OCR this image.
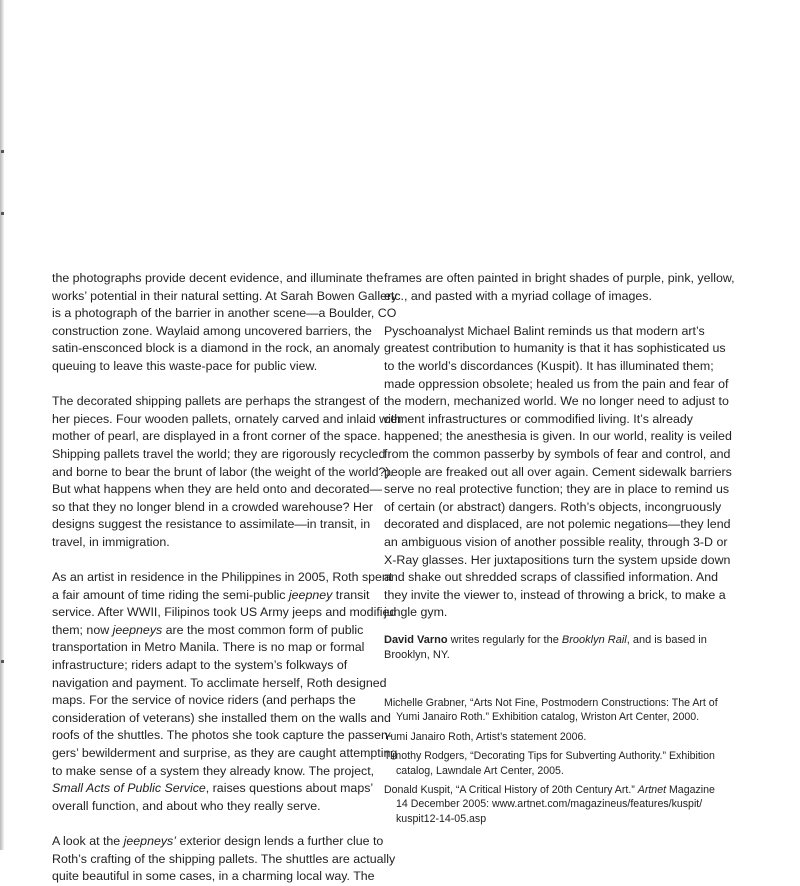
the photographs provide decent evidence, and illuminate the
works’ potential in their natural setting. At Sarah Bowen Gallery
is a photograph of the barrier in another scene—a Boulder, CO
construction zone. Waylaid among uncovered barriers, the
satin-ensconced block is a diamond in the rock, an anomaly
queuing to leave this waste-pace for public view.

The decorated shipping pallets are perhaps the strangest of
her pieces. Four wooden pallets, ornately carved and inlaid with
mother of pearl, are displayed in a front corner of the space.
Shipping pallets travel the world; they are rigorously recycled
and borne to bear the brunt of labor (the weight of the world?).
But what happens when they are held onto and decorated—
so that they no longer blend in a crowded warehouse? Her
designs suggest the resistance to assimilate—in transit, in
travel, in immigration.

As an artist in residence in the Philippines in 2005, Roth spent
a fair amount of time riding the semi-public jeepney transit
service. After WWII, Filipinos took US Army jeeps and modified
them; now jeepneys are the most common form of public
transportation in Metro Manila. There is no map or formal
infrastructure; riders adapt to the system’s folkways of
navigation and payment. To acclimate herself, Roth designed
maps. For the service of novice riders (and perhaps the
consideration of veterans) she installed them on the walls and
roofs of the shuttles. The photos she took capture the passen-
gers’ bewilderment and surprise, as they are caught attempting
to make sense of a system they already know. The project,
Small Acts of Public Service, raises questions about maps’
overall function, and about who they really serve.

A look at the jeepneys’ exterior design lends a further clue to
Roth’s crafting of the shipping pallets. The shuttles are actually
quite beautiful in some cases, in a charming local way. The

frames are often painted in bright shades of purple, pink, yellow,
etc., and pasted with a myriad collage of images.

Pyschoanalyst Michael Balint reminds us that modern art’s
greatest contribution to humanity is that it has sophisticated us
to the world’s discordances (Kuspit). It has illuminated them;
made oppression obsolete; healed us from the pain and fear of
the modern, mechanized world. We no longer need to adjust to
cement infrastructures or commodified living. It’s already
happened; the anesthesia is given. In our world, reality is veiled
from the common passerby by symbols of fear and control, and
people are freaked out all over again. Cement sidewalk barriers
serve no real protective function; they are in place to remind us
of certain (or abstract) dangers. Roth’s objects, incongruously
decorated and displaced, are not polemic negations—they lend
an ambiguous vision of another possible reality, through 3-D or
X-Ray glasses. Her juxtapositions turn the system upside down
and shake out shredded scraps of classified information. And
they invite the viewer to, instead of throwing a brick, to make a
jungle gym.

David Varno writes regularly for the Brooklyn Rail, and is based in
Brooklyn, NY.

Michelle Grabner, “Arts Not Fine, Postmodern Constructions: The Art of
Yumi Janairo Roth.” Exhibition catalog, Wriston Art Center, 2000.

Yumi Janairo Roth, Artist’s statement 2006.

Timothy Rodgers, “Decorating Tips for Subverting Authority.” Exhibition
catalog, Lawndale Art Center, 2005.

Donald Kuspit, “A Critical History of 20th Century Art.” Artnet Magazine
14 December 2005: www.artnet.com/magazineus/features/kuspit/
kuspit12-14-05.asp
